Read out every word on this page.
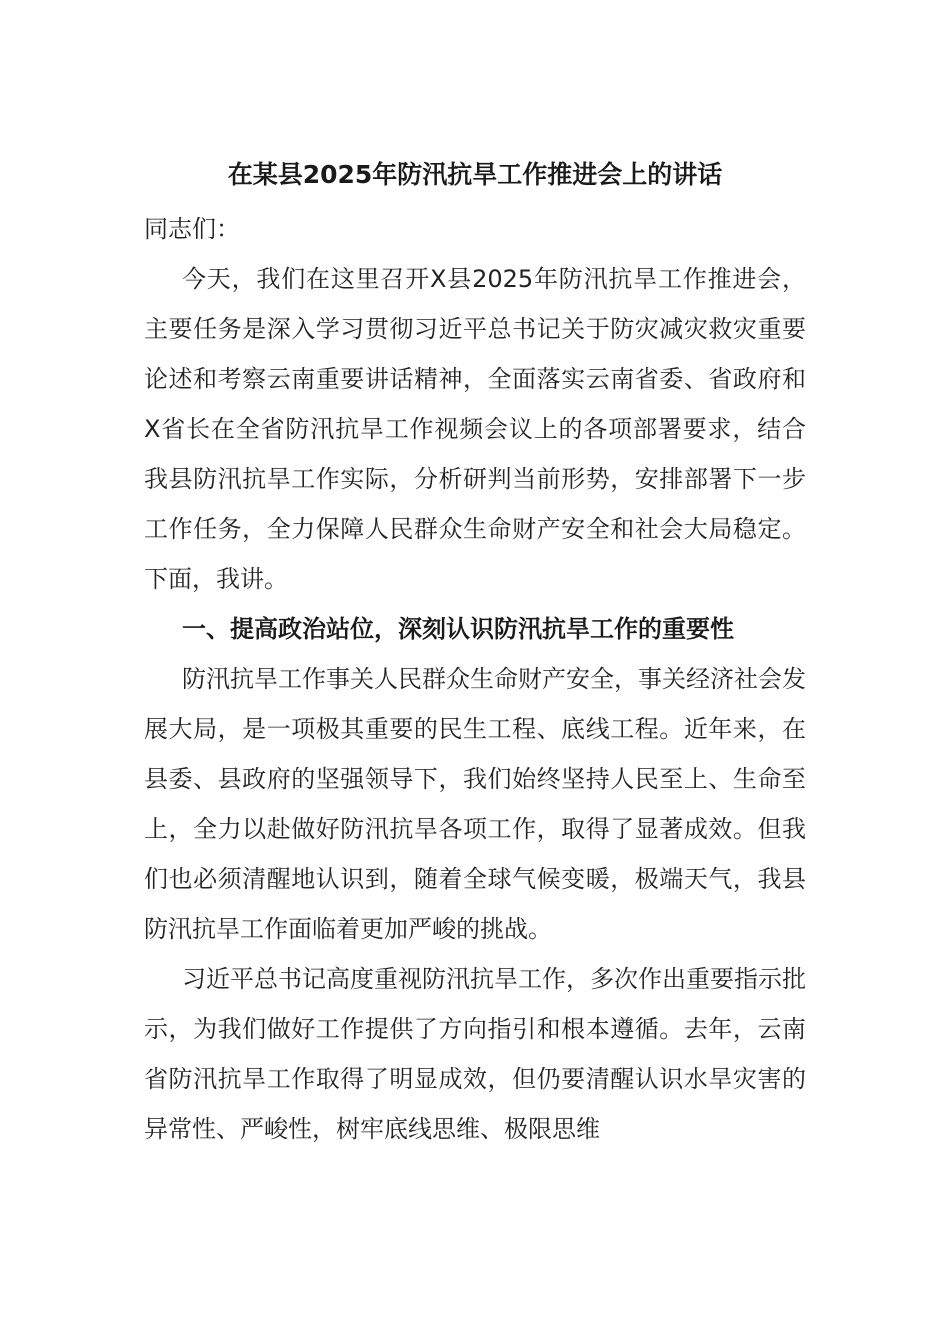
在某县2025年防汛抗旱工作推进会上的讲话

同志们：

今天，我们在这里召开X县2025年防汛抗旱工作推进会，主要任务是深入学习贯彻习近平总书记关于防灾减灾救灾重要论述和考察云南重要讲话精神，全面落实云南省委、省政府和X省长在全省防汛抗旱工作视频会议上的各项部署要求，结合我县防汛抗旱工作实际，分析研判当前形势，安排部署下一步工作任务，全力保障人民群众生命财产安全和社会大局稳定。下面，我讲。

一、提高政治站位，深刻认识防汛抗旱工作的重要性

防汛抗旱工作事关人民群众生命财产安全，事关经济社会发展大局，是一项极其重要的民生工程、底线工程。近年来，在县委、县政府的坚强领导下，我们始终坚持人民至上、生命至上，全力以赴做好防汛抗旱各项工作，取得了显著成效。但我们也必须清醒地认识到，随着全球气候变暖，极端天气，我县防汛抗旱工作面临着更加严峻的挑战。

习近平总书记高度重视防汛抗旱工作，多次作出重要指示批示，为我们做好工作提供了方向指引和根本遵循。去年，云南省防汛抗旱工作取得了明显成效，但仍要清醒认识水旱灾害的异常性、严峻性，树牢底线思维、极限思维
